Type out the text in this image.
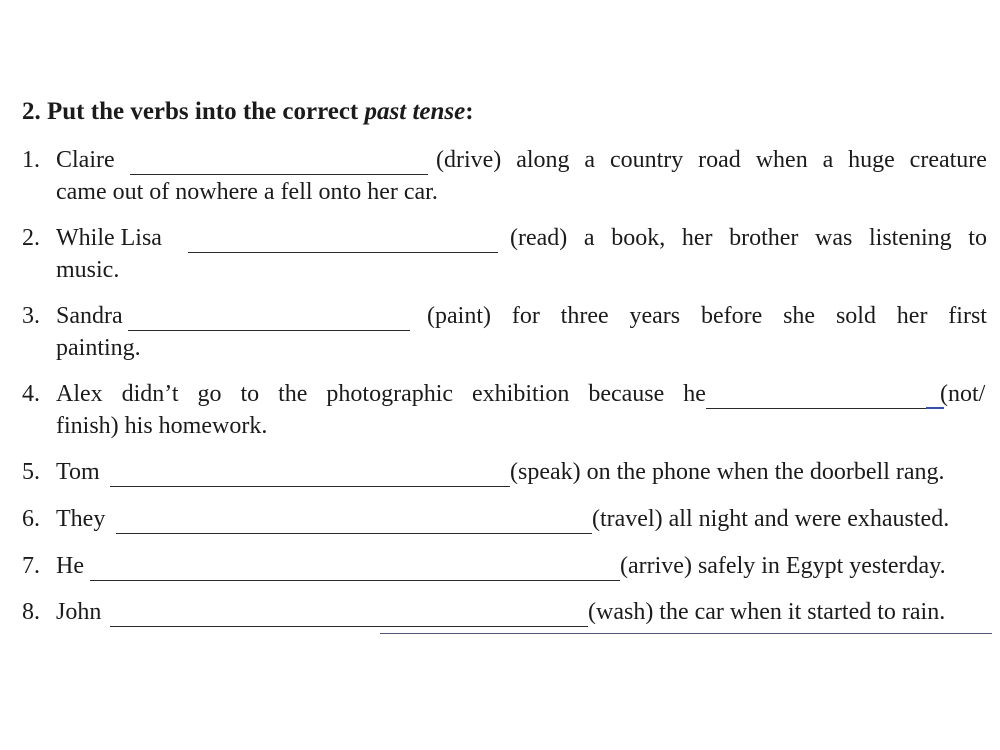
2. Put the verbs into the correct past tense:
1. Claire	(drive) along a country road when a huge creature
came out of nowhere a fell onto her car.
2. While Lisa	(read) a book, her brother was listening to
music.
3. Sandra	(paint) for three years before she sold her first
painting.
4. Alex didn’t go to the photographic exhibition because he	(not/
finish) his homework.
5. Tom	(speak) on the phone when the doorbell rang.
6. They	(travel) all night and were exhausted.
7. He	(arrive) safely in Egypt yesterday.
8. John	(wash) the car when it started to rain.
